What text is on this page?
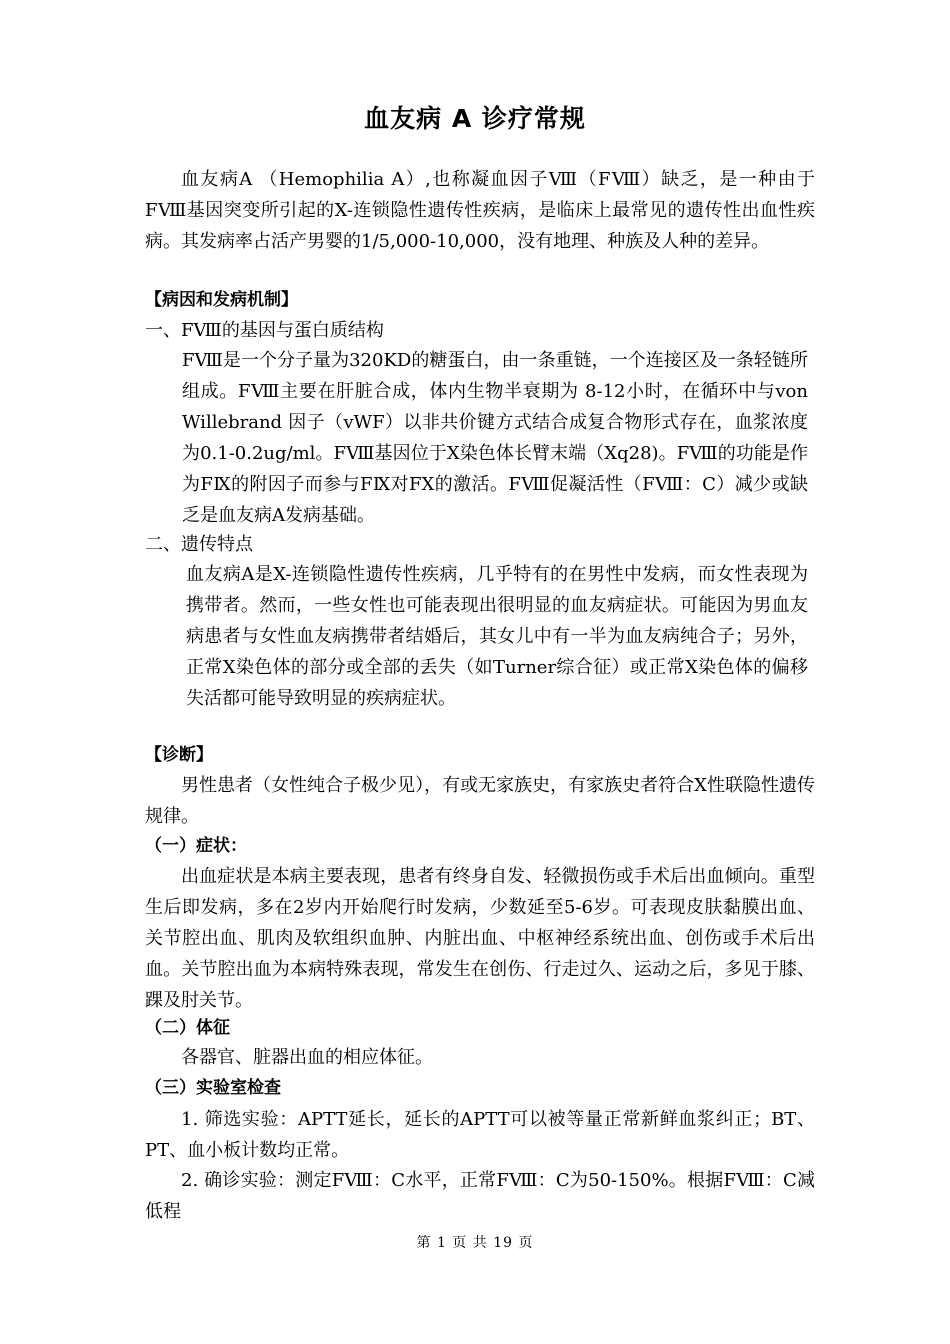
血友病 A 诊疗常规

血友病A （Hemophilia A）,也称凝血因子Ⅷ（FⅧ）缺乏，是一种由于FⅧ基因突变所引起的X-连锁隐性遗传性疾病，是临床上最常见的遗传性出血性疾病。其发病率占活产男婴的1/5,000-10,000，没有地理、种族及人种的差异。

【病因和发病机制】
一、FⅧ的基因与蛋白质结构

FⅧ是一个分子量为320KD的糖蛋白，由一条重链，一个连接区及一条轻链所组成。FⅧ主要在肝脏合成，体内生物半衰期为 8-12小时，在循环中与von Willebrand 因子（vWF）以非共价键方式结合成复合物形式存在，血浆浓度为0.1-0.2ug/ml。FⅧ基因位于X染色体长臂末端（Xq28)。FⅧ的功能是作为FⅨ的附因子而参与FⅨ对FX的激活。FⅧ促凝活性（FⅧ：C）减少或缺乏是血友病A发病基础。

二、遗传特点

血友病A是X-连锁隐性遗传性疾病，几乎特有的在男性中发病，而女性表现为携带者。然而，一些女性也可能表现出很明显的血友病症状。可能因为男血友病患者与女性血友病携带者结婚后，其女儿中有一半为血友病纯合子；另外，正常X染色体的部分或全部的丢失（如Turner综合征）或正常X染色体的偏移失活都可能导致明显的疾病症状。

【诊断】

男性患者（女性纯合子极少见），有或无家族史，有家族史者符合X性联隐性遗传规律。

（一）症状：

出血症状是本病主要表现，患者有终身自发、轻微损伤或手术后出血倾向。重型生后即发病，多在2岁内开始爬行时发病，少数延至5-6岁。可表现皮肤黏膜出血、关节腔出血、肌肉及软组织血肿、内脏出血、中枢神经系统出血、创伤或手术后出血。关节腔出血为本病特殊表现，常发生在创伤、行走过久、运动之后，多见于膝、踝及肘关节。

（二）体征

各器官、脏器出血的相应体征。

（三）实验室检查

1. 筛选实验：APTT延长，延长的APTT可以被等量正常新鲜血浆纠正；BT、PT、血小板计数均正常。

2. 确诊实验：测定FⅧ：C水平，正常FⅧ：C为50-150%。根据FⅧ：C减低程

第 1 页 共 19 页
